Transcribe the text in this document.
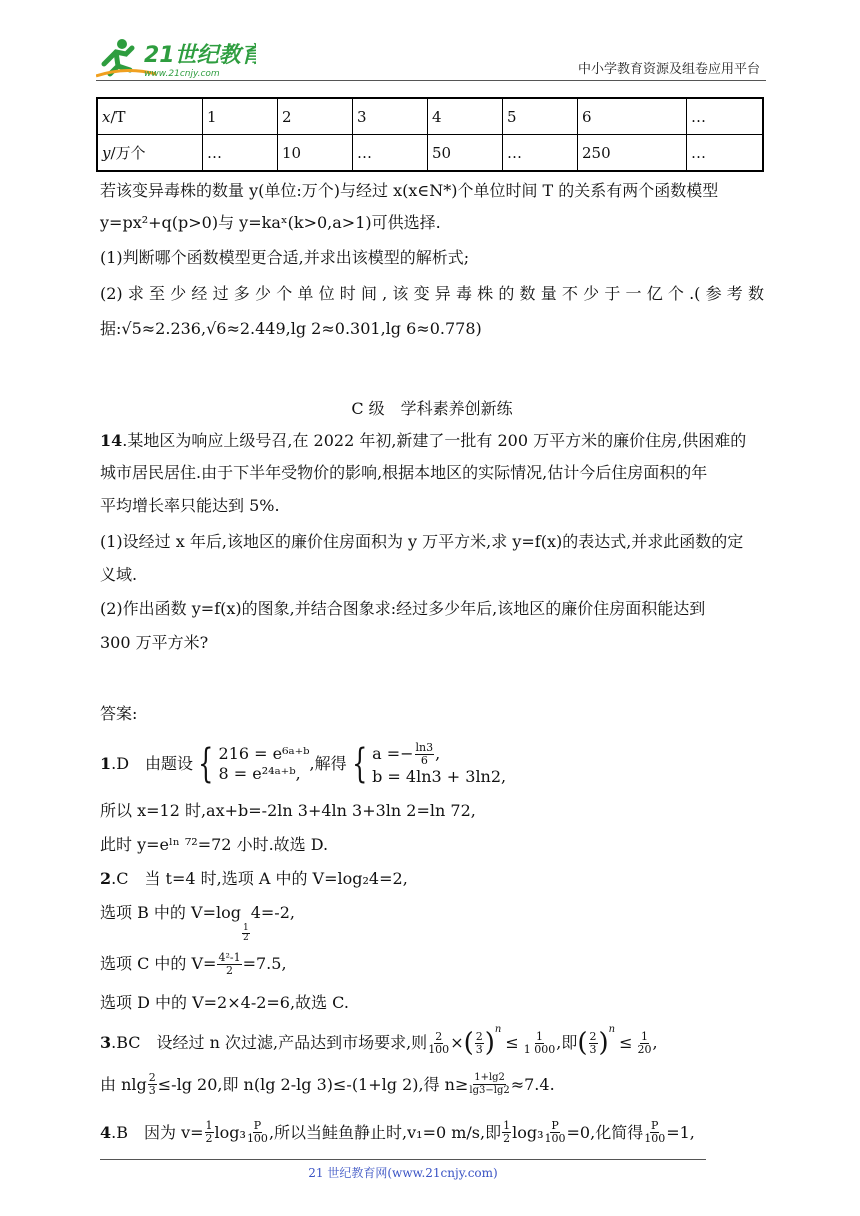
21世纪教育
www.21cnjy.com	中小学教育资源及组卷应用平台
x/T	1	2	3	4	5	6	…
y/万个	…	10	…	50	…	250	…
若该变异毒株的数量 y(单位:万个)与经过 x(x∈N*)个单位时间 T 的关系有两个函数模型
y=px²+q(p>0)与 y=kaˣ(k>0,a>1)可供选择.
(1)判断哪个函数模型更合适,并求出该模型的解析式;
(2)求至少经过多少个单位时间,该变异毒株的数量不少于一亿个.(参考数
据:√5≈2.236,√6≈2.449,lg 2≈0.301,lg 6≈0.778)
C 级　学科素养创新练
14.某地区为响应上级号召,在 2022 年初,新建了一批有 200 万平方米的廉价住房,供困难的
城市居民居住.由于下半年受物价的影响,根据本地区的实际情况,估计今后住房面积的年
平均增长率只能达到 5%.
(1)设经过 x 年后,该地区的廉价住房面积为 y 万平方米,求 y=f(x)的表达式,并求此函数的定
义域.
(2)作出函数 y=f(x)的图象,并结合图象求:经过多少年后,该地区的廉价住房面积能达到
300 万平方米?
答案:
1 .D　由题设 { 216 = e⁶ᵃ⁺ᵇ
8 = e²⁴ᵃ⁺ᵇ,
,解得 { $a =- \frac{\ln 3}{6}$ ,
b = 4ln3 + 3ln2,
所以 x=12 时,ax+b=-2ln 3+4ln 3+3ln 2=ln 72,
此时 y=eˡⁿ ⁷²=72 小时.故选 D.
2.C　当 t=4 时,选项 A 中的 V=log₂4=2,
选项 B 中的 V=log
$\frac{1}{2}$
4=-2,
选项 C 中的 $V= \frac{\text{4²-1}}{2} =7.5$,
选项 D 中的 V=2×4-2=6,故选 C.
3 .BC　设经过 n 次过滤,产品达到市场要求,则 $\frac{2}{100}$ × ( $\frac{2}{3}$ ) n
≤ $\frac{1}{1 000}$ ,即 ( $\frac{2}{3}$ ) n
≤ $\frac{1}{20}$ ,
由 nlg $\frac{2}{3} \le-\lg$ 20,即 n(lg 2-lg 3)≤-(1+lg 2),得 $n\ge \frac{1+\lg 2}{\lg 3-\lg 2} \approx 7.4$.
4 .B　因为 $v= \frac{1}{2} \log_3 \frac{P}{100}$ ,所以当鲑鱼静止时,v₁=0 m/s,即 $\frac{1}{2} \log_3 \frac{P}{100} =0$,化简得 $\frac{P}{100} =1$,
21 世纪教育网(www.21cnjy.com)
